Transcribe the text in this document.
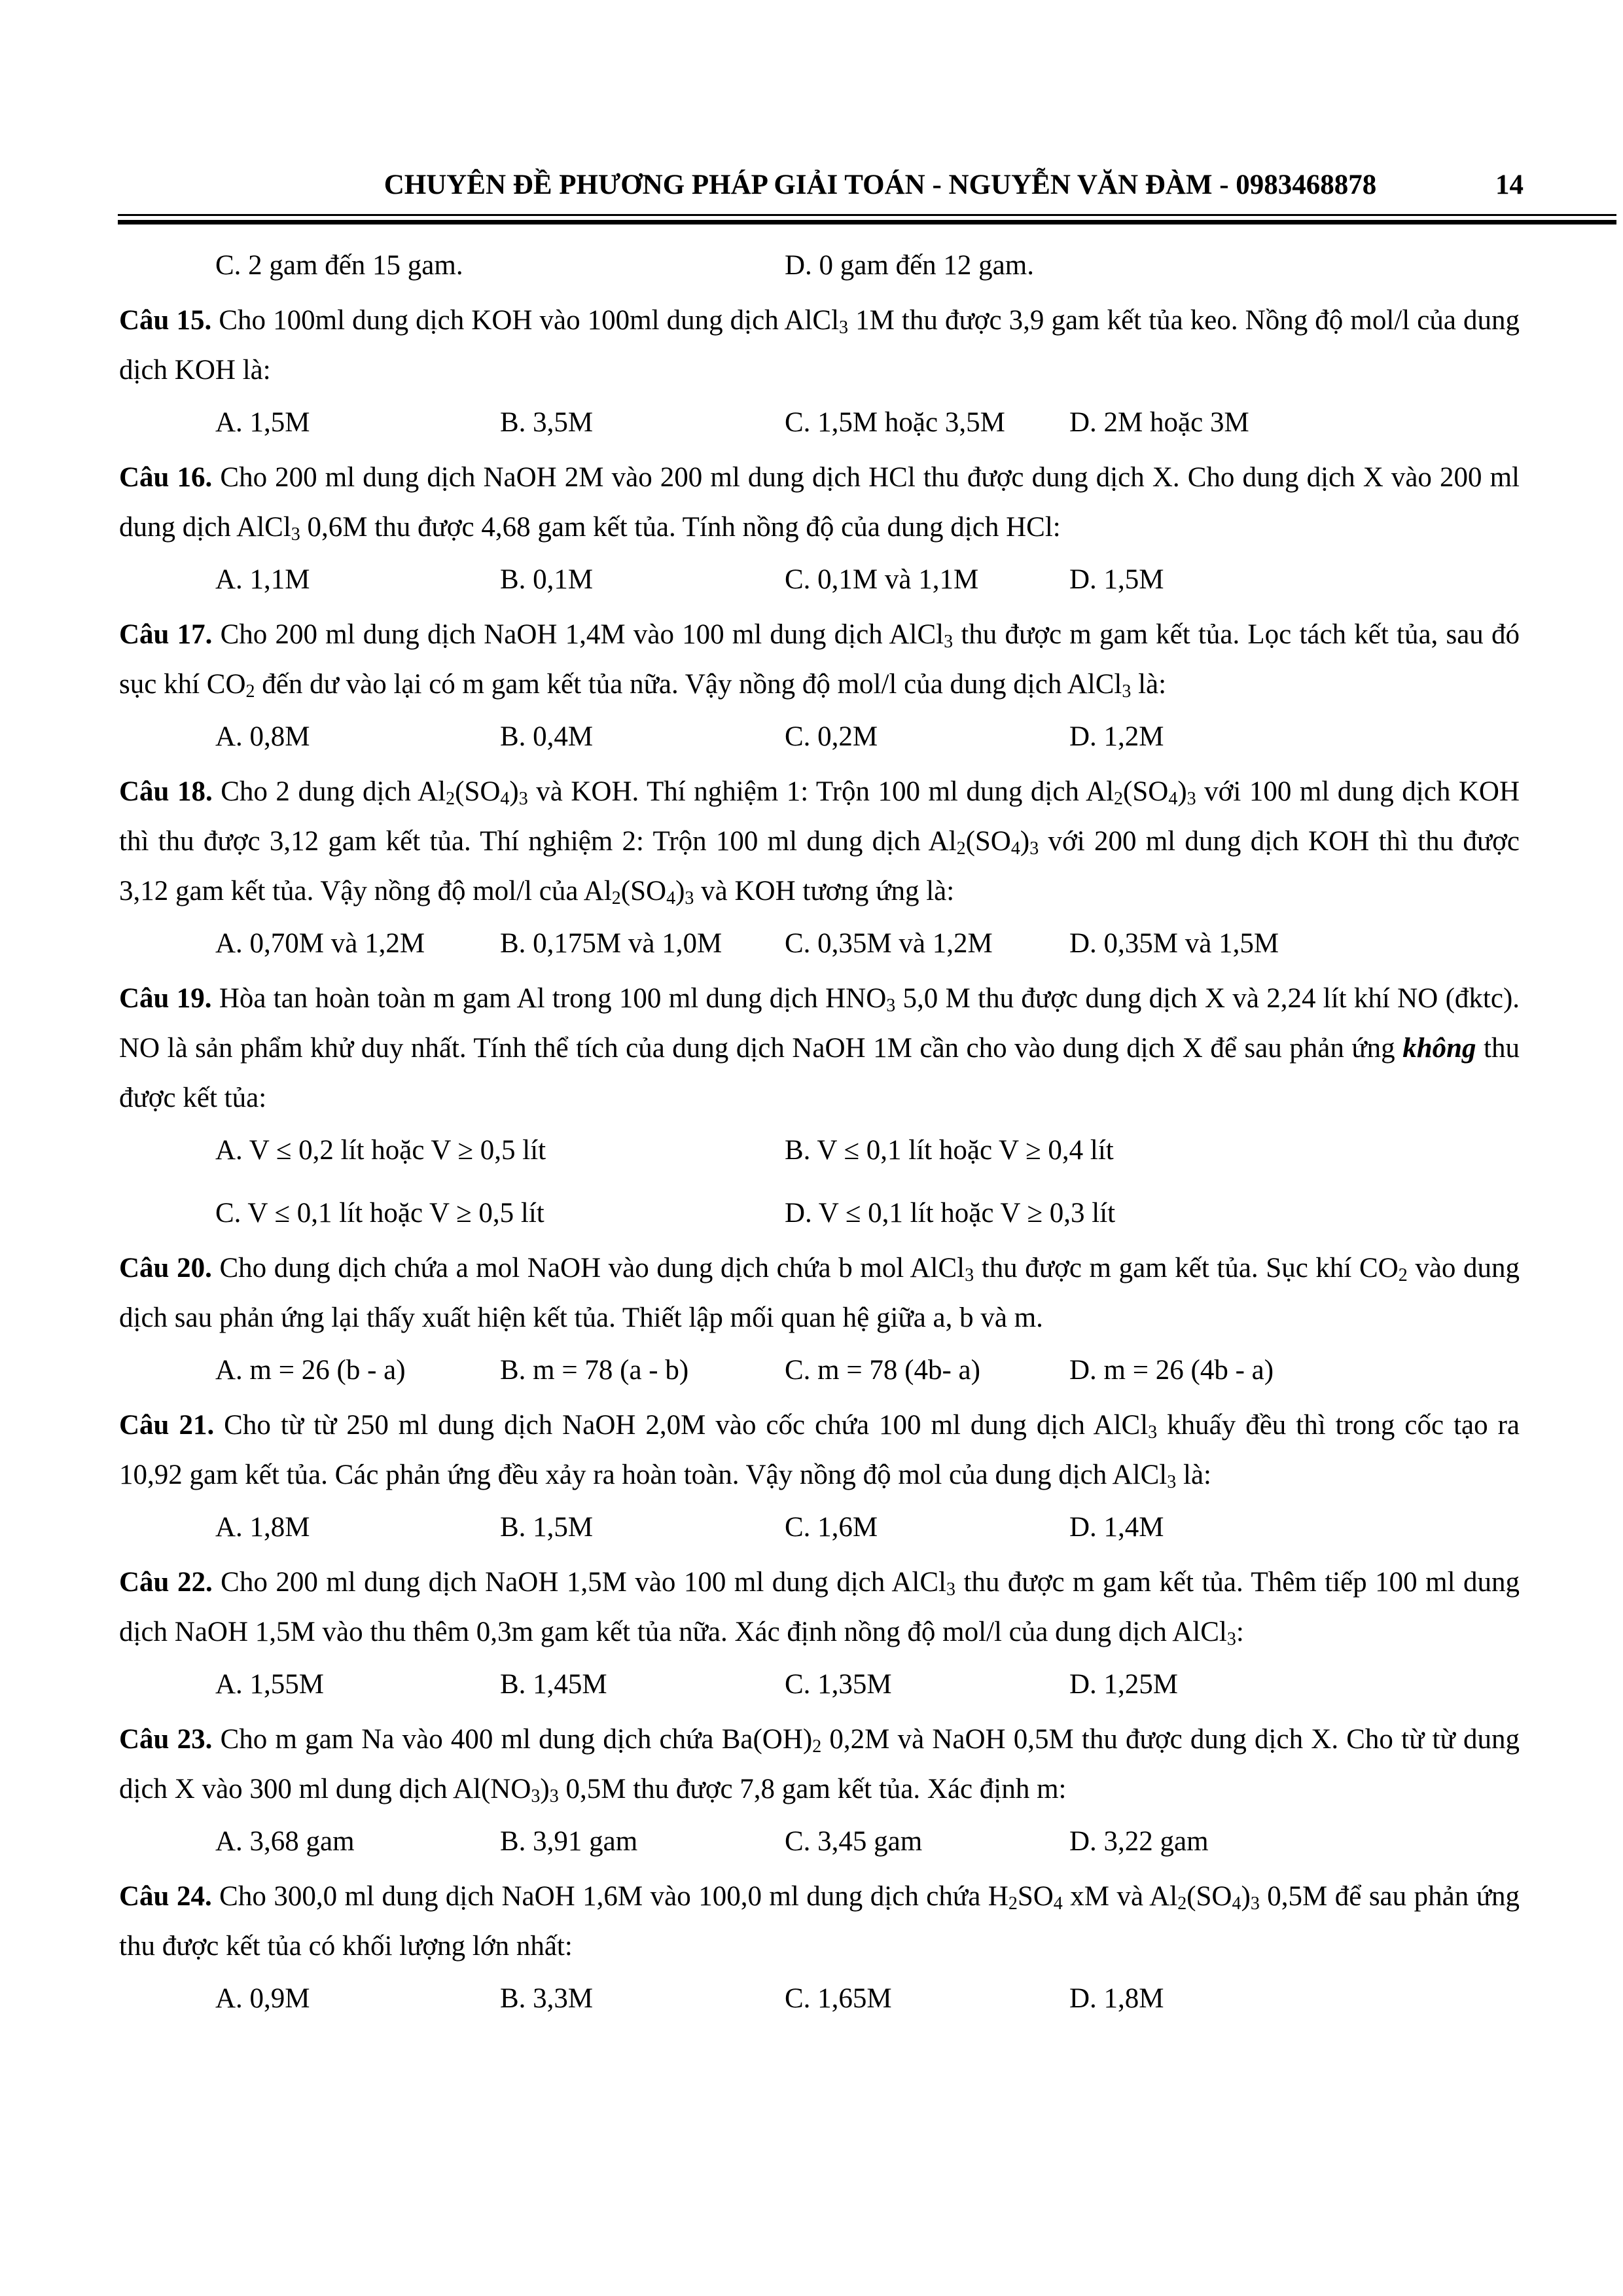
CHUYÊN ĐỀ PHƯƠNG PHÁP GIẢI TOÁN - NGUYỄN VĂN ĐÀM - 0983468878	14
C. 2 gam đến 15 gam.	D. 0 gam đến 12 gam.

Câu 15. Cho 100ml dung dịch KOH vào 100ml dung dịch AlCl$_3$ 1M thu được 3,9 gam kết tủa keo. Nồng độ mol/l của dung dịch KOH là:

A. 1,5M	B. 3,5M	C. 1,5M hoặc 3,5M D. 2M hoặc 3M

Câu 16. Cho 200 ml dung dịch NaOH 2M vào 200 ml dung dịch HCl thu được dung dịch X. Cho dung dịch X vào 200 ml dung dịch AlCl$_3$ 0,6M thu được 4,68 gam kết tủa. Tính nồng độ của dung dịch HCl:

A. 1,1M	B. 0,1M	C. 0,1M và 1,1M	D. 1,5M

Câu 17. Cho 200 ml dung dịch NaOH 1,4M vào 100 ml dung dịch AlCl$_3$ thu được m gam kết tủa. Lọc tách kết tủa, sau đó sục khí $CO_2$ đến dư vào lại có m gam kết tủa nữa. Vậy nồng độ mol/l của dung dịch AlCl$_3$ là:

A. 0,8M	B. 0,4M	C. 0,2M	D. 1,2M

Câu 18. Cho 2 dung dịch $Al_2(SO_4)_3$ và KOH. Thí nghiệm 1: Trộn 100 ml dung dịch $Al_2(SO_4)_3$ với 100 ml dung dịch KOH thì thu được 3,12 gam kết tủa. Thí nghiệm 2: Trộn 100 ml dung dịch $Al_2(SO_4)_3$ với 200 ml dung dịch KOH thì thu được 3,12 gam kết tủa. Vậy nồng độ mol/l của $Al_2(SO_4)_3$ và KOH tương ứng là:

A. 0,70M và 1,2M	B. 0,175M và 1,0M C. 0,35M và 1,2M	D. 0,35M và 1,5M

Câu 19. Hòa tan hoàn toàn m gam Al trong 100 ml dung dịch $HNO_3$ 5,0 M thu được dung dịch X và 2,24 lít khí NO (đktc). NO là sản phẩm khử duy nhất. Tính thể tích của dung dịch NaOH 1M cần cho vào dung dịch X để sau phản ứng không thu được kết tủa:

A. V ≤ 0,2 lít hoặc V ≥ 0,5 lít	B. V ≤ 0,1 lít hoặc V ≥ 0,4 lít
C. V ≤ 0,1 lít hoặc V ≥ 0,5 lít	D. V ≤ 0,1 lít hoặc V ≥ 0,3 lít

Câu 20. Cho dung dịch chứa a mol NaOH vào dung dịch chứa b mol AlCl$_3$ thu được m gam kết tủa. Sục khí $CO_2$ vào dung dịch sau phản ứng lại thấy xuất hiện kết tủa. Thiết lập mối quan hệ giữa a, b và m.

A. m = 26 (b - a)	B. m = 78 (a - b)	C. m = 78 (4b- a)	D. m = 26 (4b - a)

Câu 21. Cho từ từ 250 ml dung dịch NaOH 2,0M vào cốc chứa 100 ml dung dịch AlCl$_3$ khuấy đều thì trong cốc tạo ra 10,92 gam kết tủa. Các phản ứng đều xảy ra hoàn toàn. Vậy nồng độ mol của dung dịch AlCl$_3$ là:

A. 1,8M	B. 1,5M	C. 1,6M	D. 1,4M

Câu 22. Cho 200 ml dung dịch NaOH 1,5M vào 100 ml dung dịch AlCl$_3$ thu được m gam kết tủa. Thêm tiếp 100 ml dung dịch NaOH 1,5M vào thu thêm 0,3m gam kết tủa nữa. Xác định nồng độ mol/l của dung dịch AlCl$_3$:

A. 1,55M	B. 1,45M	C. 1,35M	D. 1,25M

Câu 23. Cho m gam Na vào 400 ml dung dịch chứa $Ba(OH)_2$ 0,2M và NaOH 0,5M thu được dung dịch X. Cho từ từ dung dịch X vào 300 ml dung dịch $Al(NO_3)_3$ 0,5M thu được 7,8 gam kết tủa. Xác định m:

A. 3,68 gam	B. 3,91 gam	C. 3,45 gam	D. 3,22 gam

Câu 24. Cho 300,0 ml dung dịch NaOH 1,6M vào 100,0 ml dung dịch chứa $H_2SO_4$ xM và $Al_2(SO_4)_3$ 0,5M để sau phản ứng thu được kết tủa có khối lượng lớn nhất:

A. 0,9M	B. 3,3M	C. 1,65M	D. 1,8M
